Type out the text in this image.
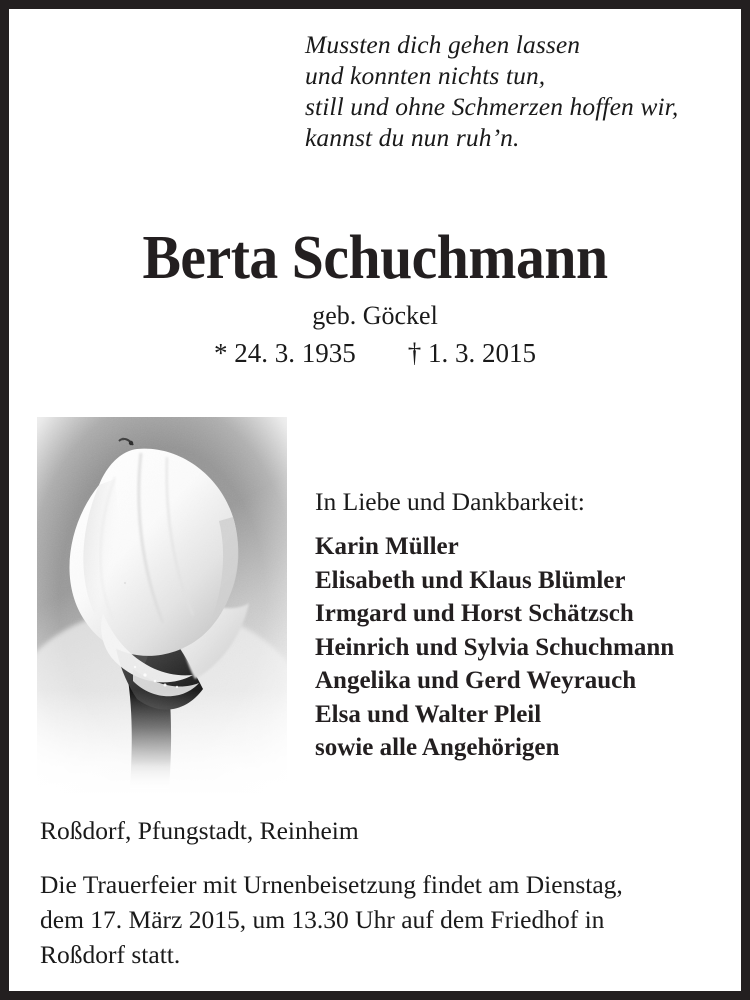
Mussten dich gehen lassen
und konnten nichts tun,
still und ohne Schmerzen hoffen wir,
kannst du nun ruh’n.
Berta Schuchmann
geb. Göckel
* 24. 3. 1935 † 1. 3. 2015
In Liebe und Dankbarkeit:
Karin Müller
Elisabeth und Klaus Blümler
Irmgard und Horst Schätzsch
Heinrich und Sylvia Schuchmann
Angelika und Gerd Weyrauch
Elsa und Walter Pleil
sowie alle Angehörigen
Roßdorf, Pfungstadt, Reinheim
Die Trauerfeier mit Urnenbeisetzung findet am Dienstag,
dem 17. März 2015, um 13.30 Uhr auf dem Friedhof in
Roßdorf statt.
